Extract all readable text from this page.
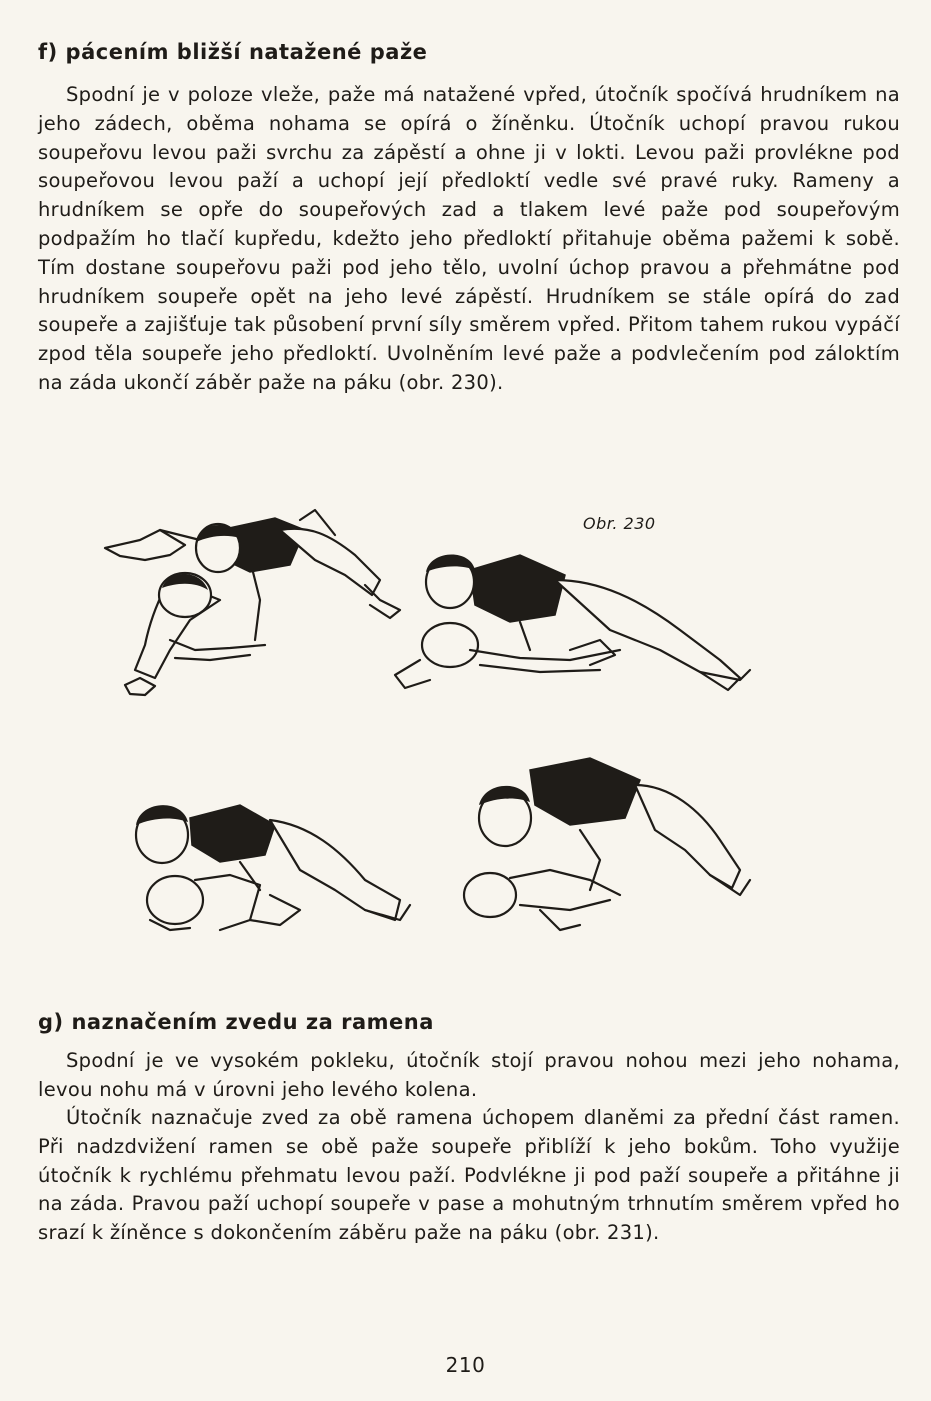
f) pácením bližší natažené paže

Spodní je v poloze vleže, paže má natažené vpřed, útočník spočívá hrudníkem na jeho zádech, oběma nohama se opírá o žíněnku. Útočník uchopí pravou rukou soupeřovu levou paži svrchu za zápěstí a ohne ji v lokti. Levou paži provlékne pod soupeřovou levou paží a uchopí její předloktí vedle své pravé ruky. Rameny a hrudníkem se opře do soupeřových zad a tlakem levé paže pod soupeřovým podpažím ho tlačí kupředu, kdežto jeho předloktí přitahuje oběma pažemi k sobě. Tím dostane soupeřovu paži pod jeho tělo, uvolní úchop pravou a přehmátne pod hrudníkem soupeře opět na jeho levé zápěstí. Hrudníkem se stále opírá do zad soupeře a zajišťuje tak působení první síly směrem vpřed. Přitom tahem rukou vypáčí zpod těla soupeře jeho předloktí. Uvolněním levé paže a podvlečením pod záloktím na záda ukončí záběr paže na páku (obr. 230).

Obr. 230
g) naznačením zvedu za ramena

Spodní je ve vysokém pokleku, útočník stojí pravou nohou mezi jeho nohama, levou nohu má v úrovni jeho levého kolena.

Útočník naznačuje zved za obě ramena úchopem dlaněmi za přední část ramen. Při nadzdvižení ramen se obě paže soupeře přiblíží k jeho bokům. Toho využije útočník k rychlému přehmatu levou paží. Podvlékne ji pod paží soupeře a přitáhne ji na záda. Pravou paží uchopí soupeře v pase a mohutným trhnutím směrem vpřed ho srazí k žíněnce s dokončením záběru paže na páku (obr. 231).

210
